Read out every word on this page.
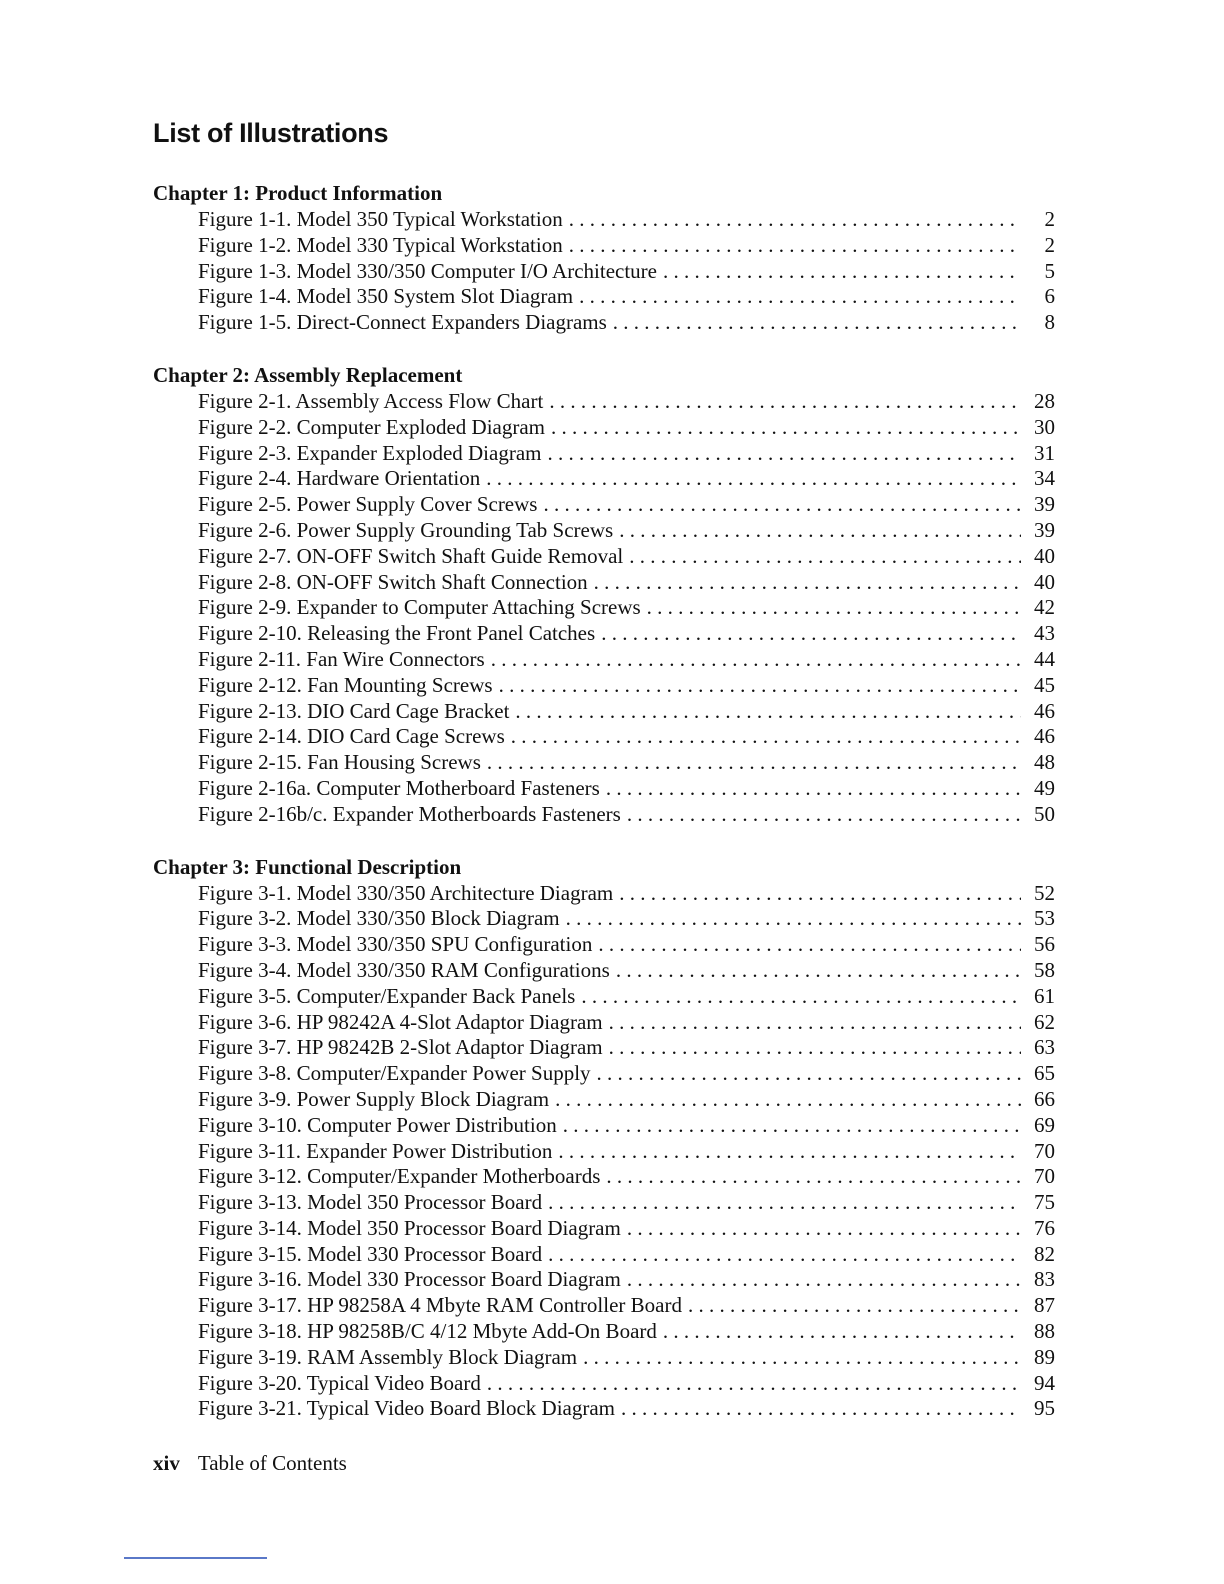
List of Illustrations
Chapter 1: Product Information
Figure 1-1. Model 350 Typical Workstation . . .	2
Figure 1-2. Model 330 Typical Workstation . . .	2
Figure 1-3. Model 330/350 Computer I/O Architecture . . .	5
Figure 1-4. Model 350 System Slot Diagram . . .	6
Figure 1-5. Direct-Connect Expanders Diagrams . . .	8
Chapter 2: Assembly Replacement
Figure 2-1. Assembly Access Flow Chart . . .	28
Figure 2-2. Computer Exploded Diagram . . .	30
Figure 2-3. Expander Exploded Diagram . . .	31
Figure 2-4. Hardware Orientation . . .	34
Figure 2-5. Power Supply Cover Screws . . .	39
Figure 2-6. Power Supply Grounding Tab Screws . . .	39
Figure 2-7. ON-OFF Switch Shaft Guide Removal . . .	40
Figure 2-8. ON-OFF Switch Shaft Connection . . .	40
Figure 2-9. Expander to Computer Attaching Screws . . .	42
Figure 2-10. Releasing the Front Panel Catches . . .	43
Figure 2-11. Fan Wire Connectors . . .	44
Figure 2-12. Fan Mounting Screws . . .	45
Figure 2-13. DIO Card Cage Bracket . . .	46
Figure 2-14. DIO Card Cage Screws . . .	46
Figure 2-15. Fan Housing Screws . . .	48
Figure 2-16a. Computer Motherboard Fasteners . . .	49
Figure 2-16b/c. Expander Motherboards Fasteners . . .	50
Chapter 3: Functional Description
Figure 3-1. Model 330/350 Architecture Diagram . . .	52
Figure 3-2. Model 330/350 Block Diagram . . .	53
Figure 3-3. Model 330/350 SPU Configuration . . .	56
Figure 3-4. Model 330/350 RAM Configurations . . .	58
Figure 3-5. Computer/Expander Back Panels . . .	61
Figure 3-6. HP 98242A 4-Slot Adaptor Diagram . . .	62
Figure 3-7. HP 98242B 2-Slot Adaptor Diagram . . .	63
Figure 3-8. Computer/Expander Power Supply . . .	65
Figure 3-9. Power Supply Block Diagram . . .	66
Figure 3-10. Computer Power Distribution . . .	69
Figure 3-11. Expander Power Distribution . . .	70
Figure 3-12. Computer/Expander Motherboards . . .	70
Figure 3-13. Model 350 Processor Board . . .	75
Figure 3-14. Model 350 Processor Board Diagram . . .	76
Figure 3-15. Model 330 Processor Board . . .	82
Figure 3-16. Model 330 Processor Board Diagram . . .	83
Figure 3-17. HP 98258A 4 Mbyte RAM Controller Board . . .	87
Figure 3-18. HP 98258B/C 4/12 Mbyte Add-On Board . . .	88
Figure 3-19. RAM Assembly Block Diagram . . .	89
Figure 3-20. Typical Video Board . . .	94
Figure 3-21. Typical Video Board Block Diagram . . .	95
xiv Table of Contents
